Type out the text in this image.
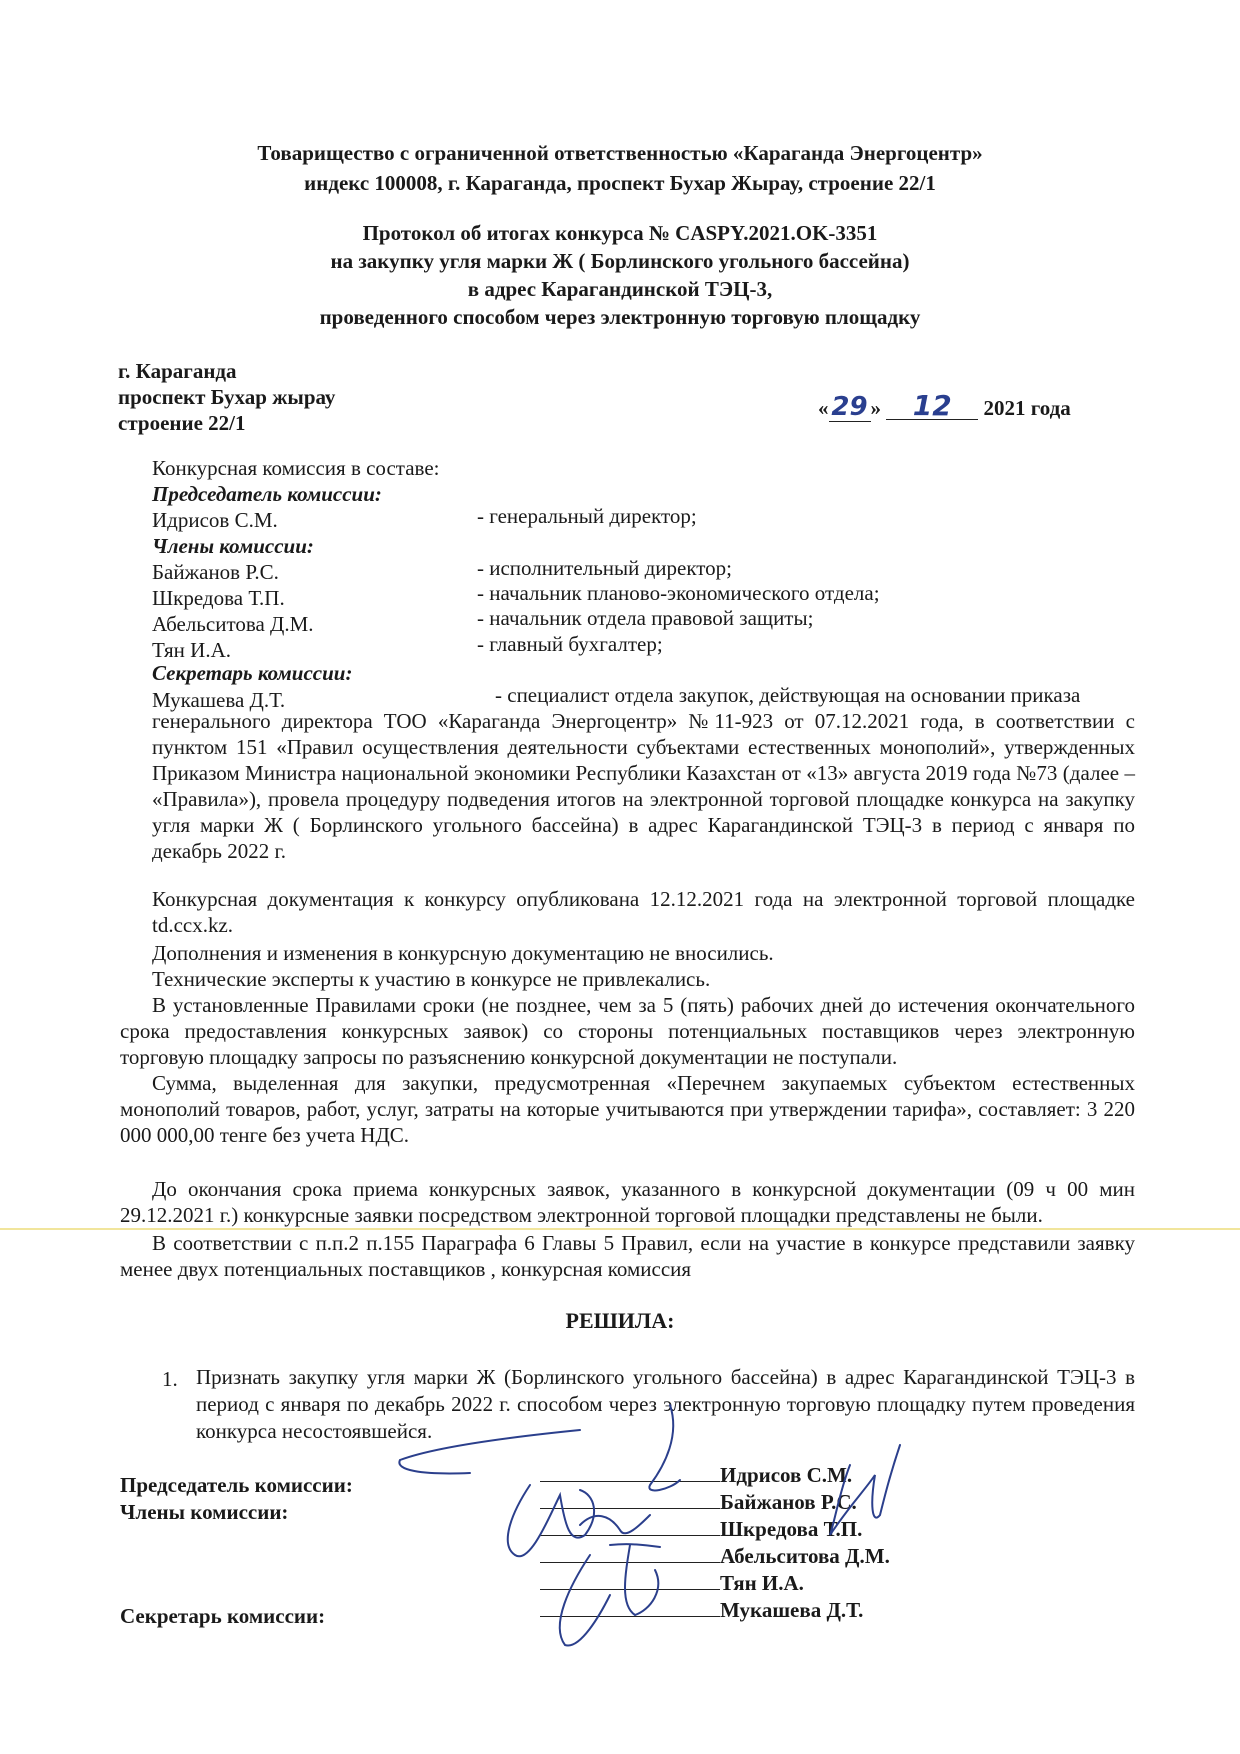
Товарищество с ограниченной ответственностью «Караганда Энергоцентр»
индекс 100008, г. Караганда, проспект Бухар Жырау, строение 22/1
Протокол об итогах конкурса № CASPY.2021.OK-3351
на закупку угля марки Ж ( Борлинского угольного бассейна)
в адрес Карагандинской ТЭЦ-3,
проведенного способом через электронную торговую площадку
г. Караганда
проспект Бухар жырау
строение 22/1
« 29 » 12 2021 года
Конкурсная комиссия в составе:
Председатель комиссии:
Идрисов С.М.	- генеральный директор;
Члены комиссии:
Байжанов Р.С.	- исполнительный директор;
Шкредова Т.П.	- начальник планово-экономического отдела;
Абельситова Д.М.	- начальник отдела правовой защиты;
Тян И.А.	- главный бухгалтер;
Секретарь комиссии:
Мукашева Д.Т.	- специалист отдела закупок, действующая на основании приказа
генерального директора ТОО «Караганда Энергоцентр» №11-923 от 07.12.2021 года, в соответствии с пунктом 151 «Правил осуществления деятельности субъектами естественных монополий», утвержденных Приказом Министра национальной экономики Республики Казахстан от «13» августа 2019 года №73 (далее – «Правила»), провела процедуру подведения итогов на электронной торговой площадке конкурса на закупку угля марки Ж ( Борлинского угольного бассейна) в адрес Карагандинской ТЭЦ-3 в период с января по декабрь 2022 г.
Конкурсная документация к конкурсу опубликована 12.12.2021 года на электронной торговой площадке td.ccx.kz.
Дополнения и изменения в конкурсную документацию не вносились.
Технические эксперты к участию в конкурсе не привлекались.
В установленные Правилами сроки (не позднее, чем за 5 (пять) рабочих дней до истечения окончательного срока предоставления конкурсных заявок) со стороны потенциальных поставщиков через электронную торговую площадку запросы по разъяснению конкурсной документации не поступали.
Сумма, выделенная для закупки, предусмотренная «Перечнем закупаемых субъектом естественных монополий товаров, работ, услуг, затраты на которые учитываются при утверждении тарифа», составляет: 3 220 000 000,00 тенге без учета НДС.
До окончания срока приема конкурсных заявок, указанного в конкурсной документации (09 ч 00 мин 29.12.2021 г.) конкурсные заявки посредством электронной торговой площадки представлены не были.
В соответствии с п.п.2 п.155 Параграфа 6 Главы 5 Правил, если на участие в конкурсе представили заявку менее двух потенциальных поставщиков , конкурсная комиссия
РЕШИЛА:
1. Признать закупку угля марки Ж (Борлинского угольного бассейна) в адрес Карагандинской ТЭЦ-3 в период с января по декабрь 2022 г. способом через электронную торговую площадку путем проведения конкурса несостоявшейся.
Председатель комиссии:
Члены комиссии:
Секретарь комиссии:
Идрисов С.М.
Байжанов Р.С.
Шкредова Т.П.
Абельситова Д.М.
Тян И.А.
Мукашева Д.Т.
